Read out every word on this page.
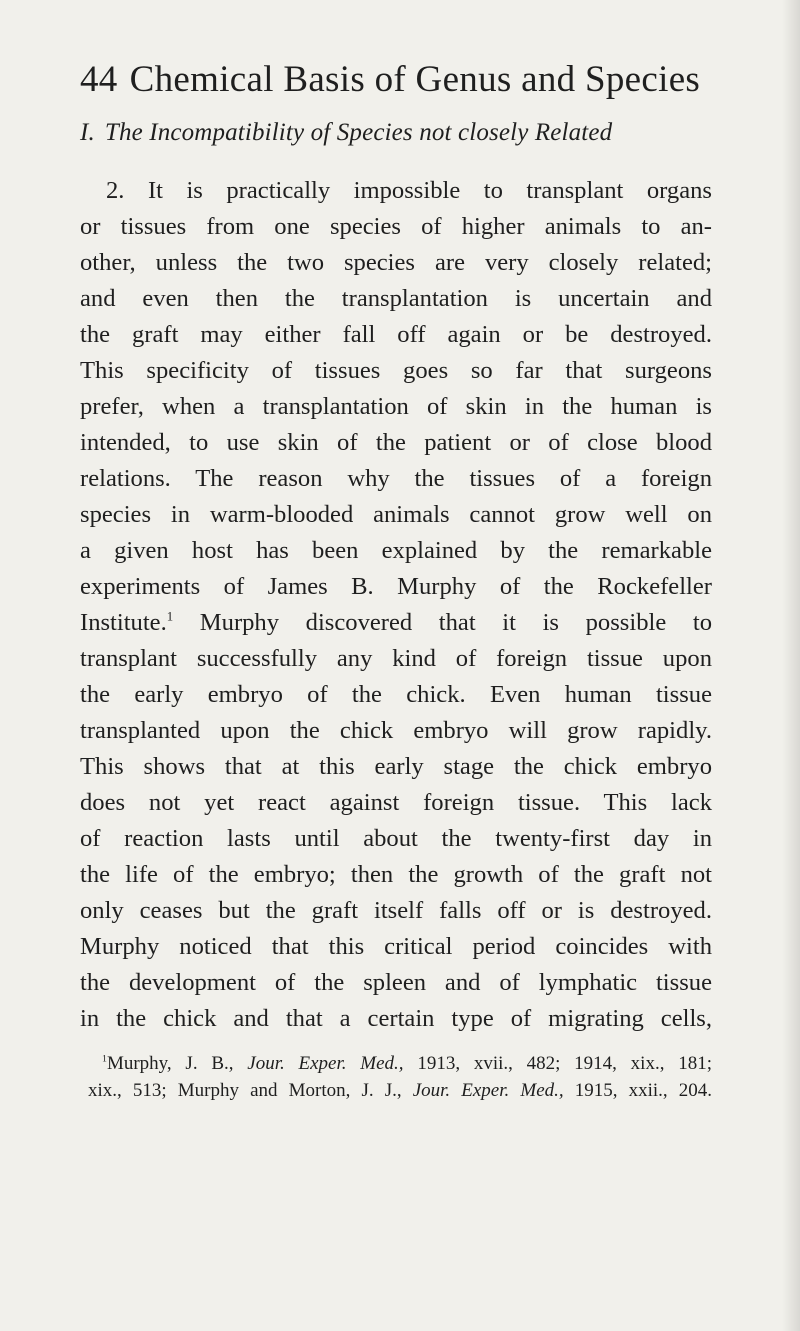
44 Chemical Basis of Genus and Species
I. The Incompatibility of Species not closely Related
2. It is practically impossible to transplant organs
or tissues from one species of higher animals to an-
other, unless the two species are very closely related;
and even then the transplantation is uncertain and
the graft may either fall off again or be destroyed.
This specificity of tissues goes so far that surgeons
prefer, when a transplantation of skin in the human is
intended, to use skin of the patient or of close blood
relations. The reason why the tissues of a foreign
species in warm-blooded animals cannot grow well on
a given host has been explained by the remarkable
experiments of James B. Murphy of the Rockefeller
Institute.$^1$ Murphy discovered that it is possible to
transplant successfully any kind of foreign tissue upon
the early embryo of the chick. Even human tissue
transplanted upon the chick embryo will grow rapidly.
This shows that at this early stage the chick embryo
does not yet react against foreign tissue. This lack
of reaction lasts until about the twenty-first day in
the life of the embryo; then the growth of the graft not
only ceases but the graft itself falls off or is destroyed.
Murphy noticed that this critical period coincides with
the development of the spleen and of lymphatic tissue
in the chick and that a certain type of migrating cells,
$^1$Murphy, J. B., Jour. Exper. Med., 1913, xvii., 482; 1914, xix., 181;
xix., 513; Murphy and Morton, J. J., Jour. Exper. Med., 1915, xxii., 204.
